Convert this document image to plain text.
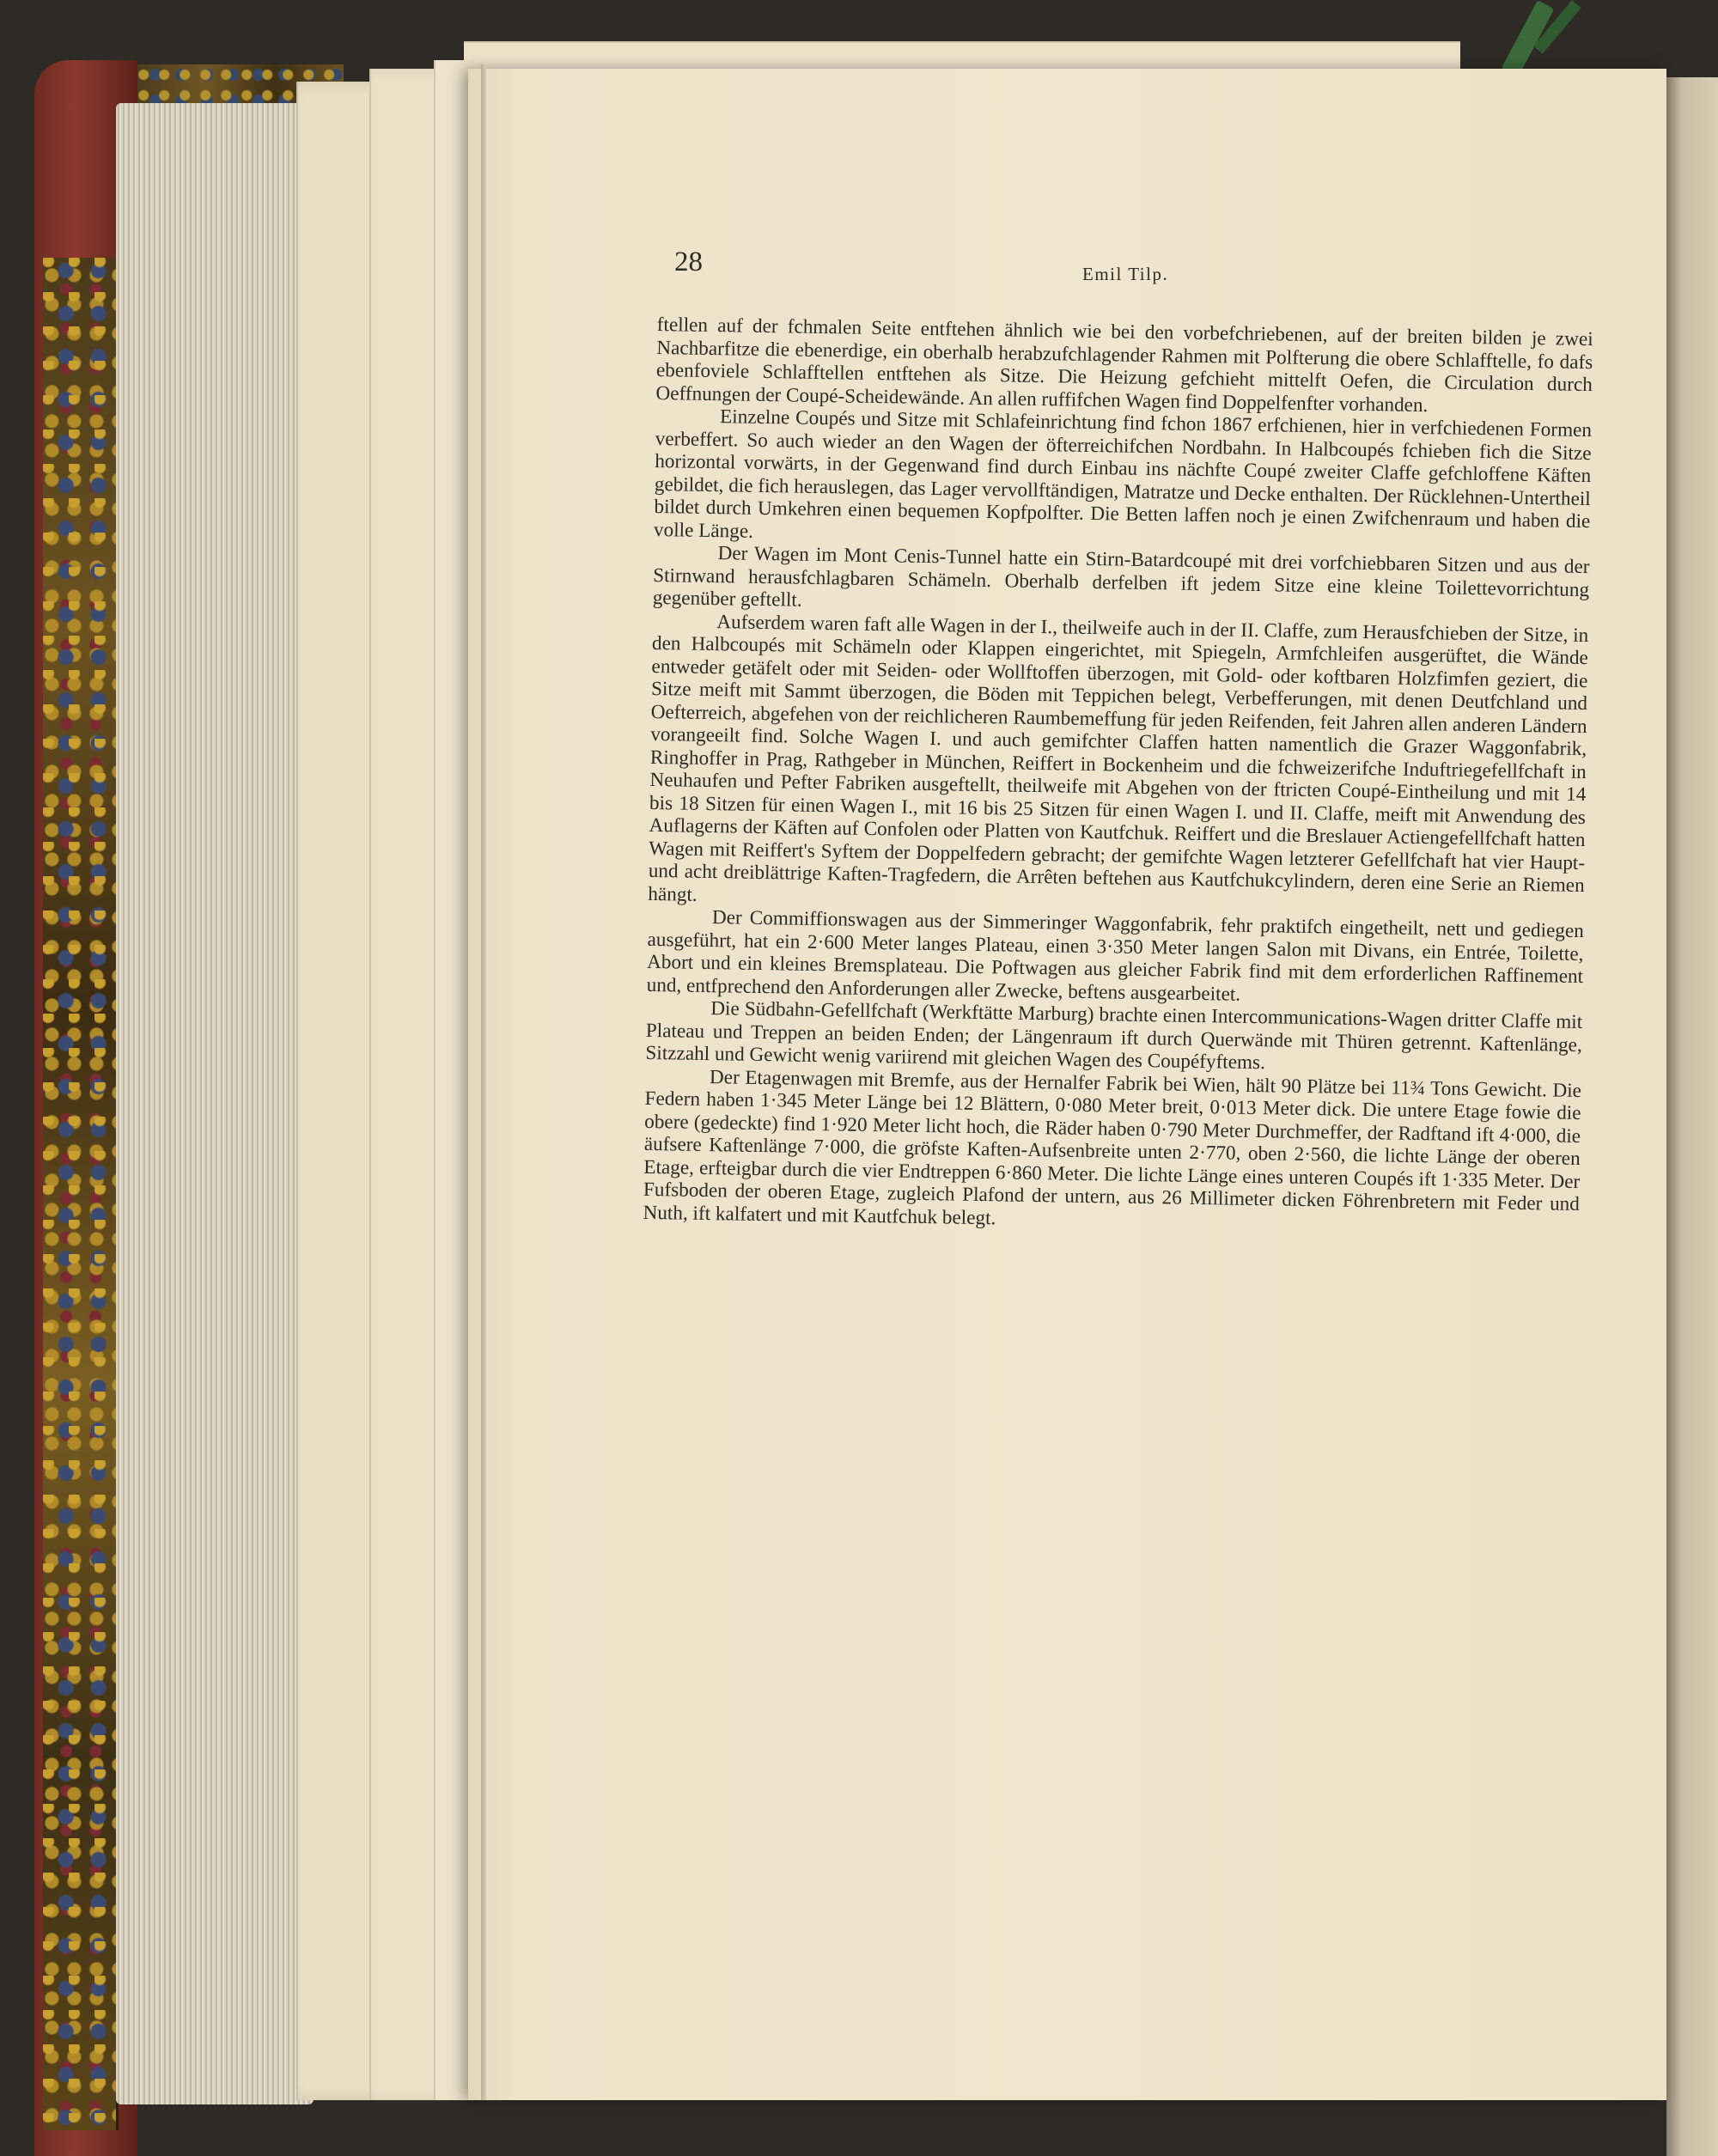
28	Emil Tilp.

ftellen auf der fchmalen Seite entftehen ähnlich wie bei den vorbefchriebenen, auf der breiten bilden je zwei Nachbarfitze die ebenerdige, ein oberhalb herabzufchlagender Rahmen mit Polfterung die obere Schlafftelle, fo dafs ebenfoviele Schlafftellen entftehen als Sitze. Die Heizung gefchieht mittelft Oefen, die Circulation durch Oeffnungen der Coupé-Scheidewände. An allen ruffifchen Wagen find Doppelfenfter vorhanden.

Einzelne Coupés und Sitze mit Schlafeinrichtung find fchon 1867 erfchienen, hier in verfchiedenen Formen verbeffert. So auch wieder an den Wagen der öfterreichifchen Nordbahn. In Halbcoupés fchieben fich die Sitze horizontal vorwärts, in der Gegenwand find durch Einbau ins nächfte Coupé zweiter Claffe gefchloffene Käften gebildet, die fich herauslegen, das Lager vervollftändigen, Matratze und Decke enthalten. Der Rücklehnen-Untertheil bildet durch Umkehren einen bequemen Kopfpolfter. Die Betten laffen noch je einen Zwifchenraum und haben die volle Länge.

Der Wagen im Mont Cenis-Tunnel hatte ein Stirn-Batardcoupé mit drei vorfchiebbaren Sitzen und aus der Stirnwand herausfchlagbaren Schämeln. Oberhalb derfelben ift jedem Sitze eine kleine Toilettevorrichtung gegenüber geftellt.

Aufserdem waren faft alle Wagen in der I., theilweife auch in der II. Claffe, zum Herausfchieben der Sitze, in den Halbcoupés mit Schämeln oder Klappen eingerichtet, mit Spiegeln, Armfchleifen ausgerüftet, die Wände entweder getäfelt oder mit Seiden- oder Wollftoffen überzogen, mit Gold- oder koftbaren Holzfimfen geziert, die Sitze meift mit Sammt überzogen, die Böden mit Teppichen belegt, Verbefferungen, mit denen Deutfchland und Oefterreich, abgefehen von der reichlicheren Raumbemeffung für jeden Reifenden, feit Jahren allen anderen Ländern vorangeeilt find. Solche Wagen I. und auch gemifchter Claffen hatten namentlich die Grazer Waggonfabrik, Ringhoffer in Prag, Rathgeber in München, Reiffert in Bockenheim und die fchweizerifche Induftriegefellfchaft in Neuhaufen und Pefter Fabriken ausgeftellt, theilweife mit Abgehen von der ftricten Coupé-Eintheilung und mit 14 bis 18 Sitzen für einen Wagen I., mit 16 bis 25 Sitzen für einen Wagen I. und II. Claffe, meift mit Anwendung des Auflagerns der Käften auf Confolen oder Platten von Kautfchuk. Reiffert und die Breslauer Actiengefellfchaft hatten Wagen mit Reiffert's Syftem der Doppelfedern gebracht; der gemifchte Wagen letzterer Gefellfchaft hat vier Haupt- und acht dreiblättrige Kaften-Tragfedern, die Arrêten beftehen aus Kautfchukcylindern, deren eine Serie an Riemen hängt.

Der Commiffionswagen aus der Simmeringer Waggonfabrik, fehr praktifch eingetheilt, nett und gediegen ausgeführt, hat ein 2·600 Meter langes Plateau, einen 3·350 Meter langen Salon mit Divans, ein Entrée, Toilette, Abort und ein kleines Bremsplateau. Die Poftwagen aus gleicher Fabrik find mit dem erforderlichen Raffinement und, entfprechend den Anforderungen aller Zwecke, beftens ausgearbeitet.

Die Südbahn-Gefellfchaft (Werkftätte Marburg) brachte einen Intercommunications-Wagen dritter Claffe mit Plateau und Treppen an beiden Enden; der Längenraum ift durch Querwände mit Thüren getrennt. Kaftenlänge, Sitzzahl und Gewicht wenig variirend mit gleichen Wagen des Coupéfyftems.

Der Etagenwagen mit Bremfe, aus der Hernalfer Fabrik bei Wien, hält 90 Plätze bei 11¾ Tons Gewicht. Die Federn haben 1·345 Meter Länge bei 12 Blättern, 0·080 Meter breit, 0·013 Meter dick. Die untere Etage fowie die obere (gedeckte) find 1·920 Meter licht hoch, die Räder haben 0·790 Meter Durchmeffer, der Radftand ift 4·000, die äufsere Kaftenlänge 7·000, die gröfste Kaften-Aufsenbreite unten 2·770, oben 2·560, die lichte Länge der oberen Etage, erfteigbar durch die vier Endtreppen 6·860 Meter. Die lichte Länge eines unteren Coupés ift 1·335 Meter. Der Fufsboden der oberen Etage, zugleich Plafond der untern, aus 26 Millimeter dicken Föhrenbretern mit Feder und Nuth, ift kalfatert und mit Kautfchuk belegt.
